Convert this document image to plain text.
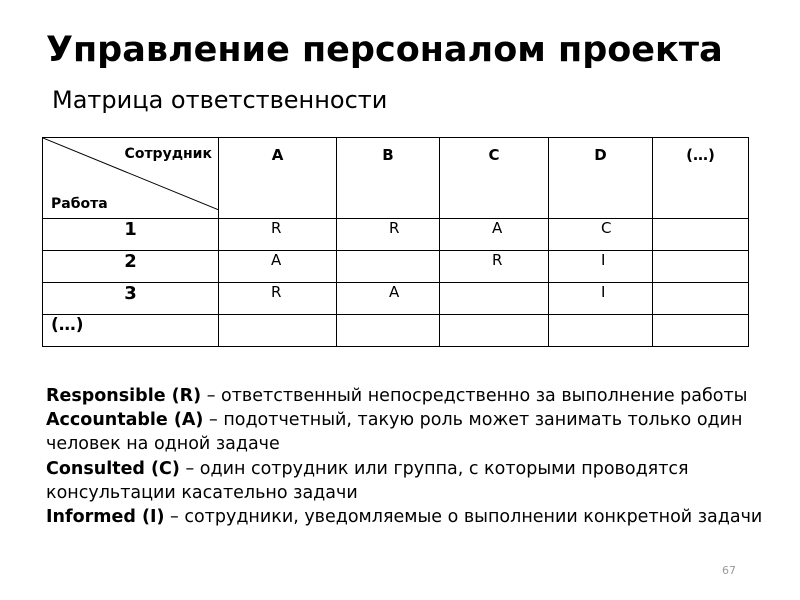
Управление персоналом проекта
Матрица ответственности
Сотрудник
Работа	A	B	C	D	(…)
1	R	R	A	C	
2	A		R	I	
3	R	A		I	
(…)					

Responsible (R) – ответственный непосредственно за выполнение работы

Accountable (A) – подотчетный, такую роль может занимать только один человек на одной задаче

Consulted (C) – один сотрудник или группа, с которыми проводятся консультации касательно задачи

Informed (I) – сотрудники, уведомляемые о выполнении конкретной задачи

67
